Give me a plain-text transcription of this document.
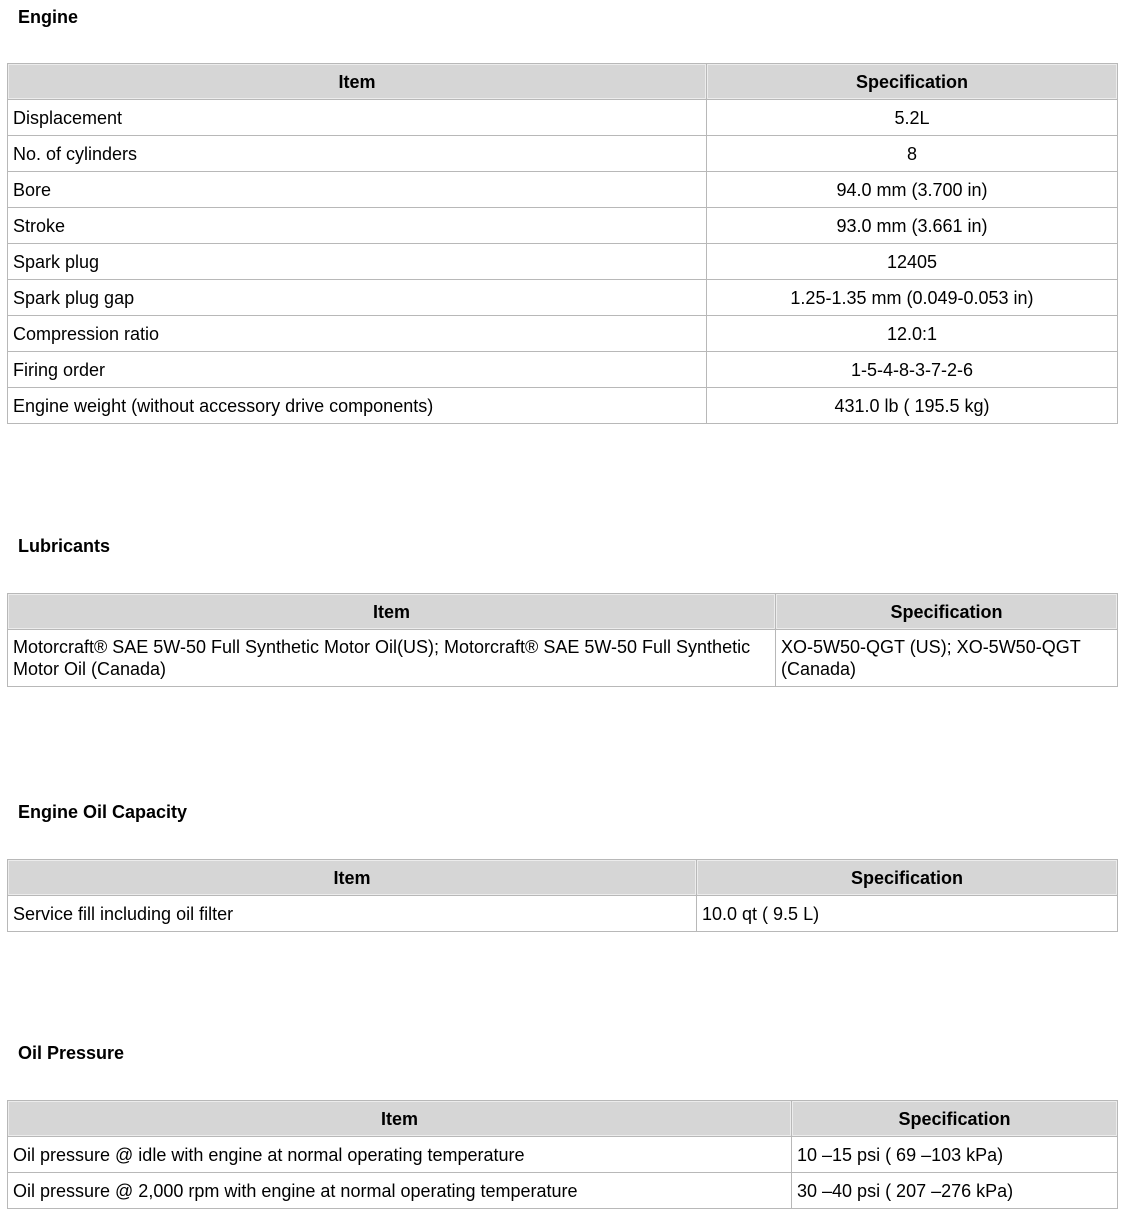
Engine
Item	Specification
Displacement	5.2L
No. of cylinders	8
Bore	94.0 mm (3.700 in)
Stroke	93.0 mm (3.661 in)
Spark plug	12405
Spark plug gap	1.25-1.35 mm (0.049-0.053 in)
Compression ratio	12.0:1
Firing order	1-5-4-8-3-7-2-6
Engine weight (without accessory drive components)	431.0 lb ( 195.5 kg)
Lubricants
Item	Specification
Motorcraft® SAE 5W-50 Full Synthetic Motor Oil(US); Motorcraft® SAE 5W-50 Full Synthetic Motor Oil (Canada)	XO-5W50-QGT (US); XO-5W50-QGT (Canada)
Engine Oil Capacity
Item	Specification
Service fill including oil filter	10.0 qt ( 9.5 L)
Oil Pressure
Item	Specification
Oil pressure @ idle with engine at normal operating temperature	10 –15 psi ( 69 –103 kPa)
Oil pressure @ 2,000 rpm with engine at normal operating temperature	30 –40 psi ( 207 –276 kPa)
